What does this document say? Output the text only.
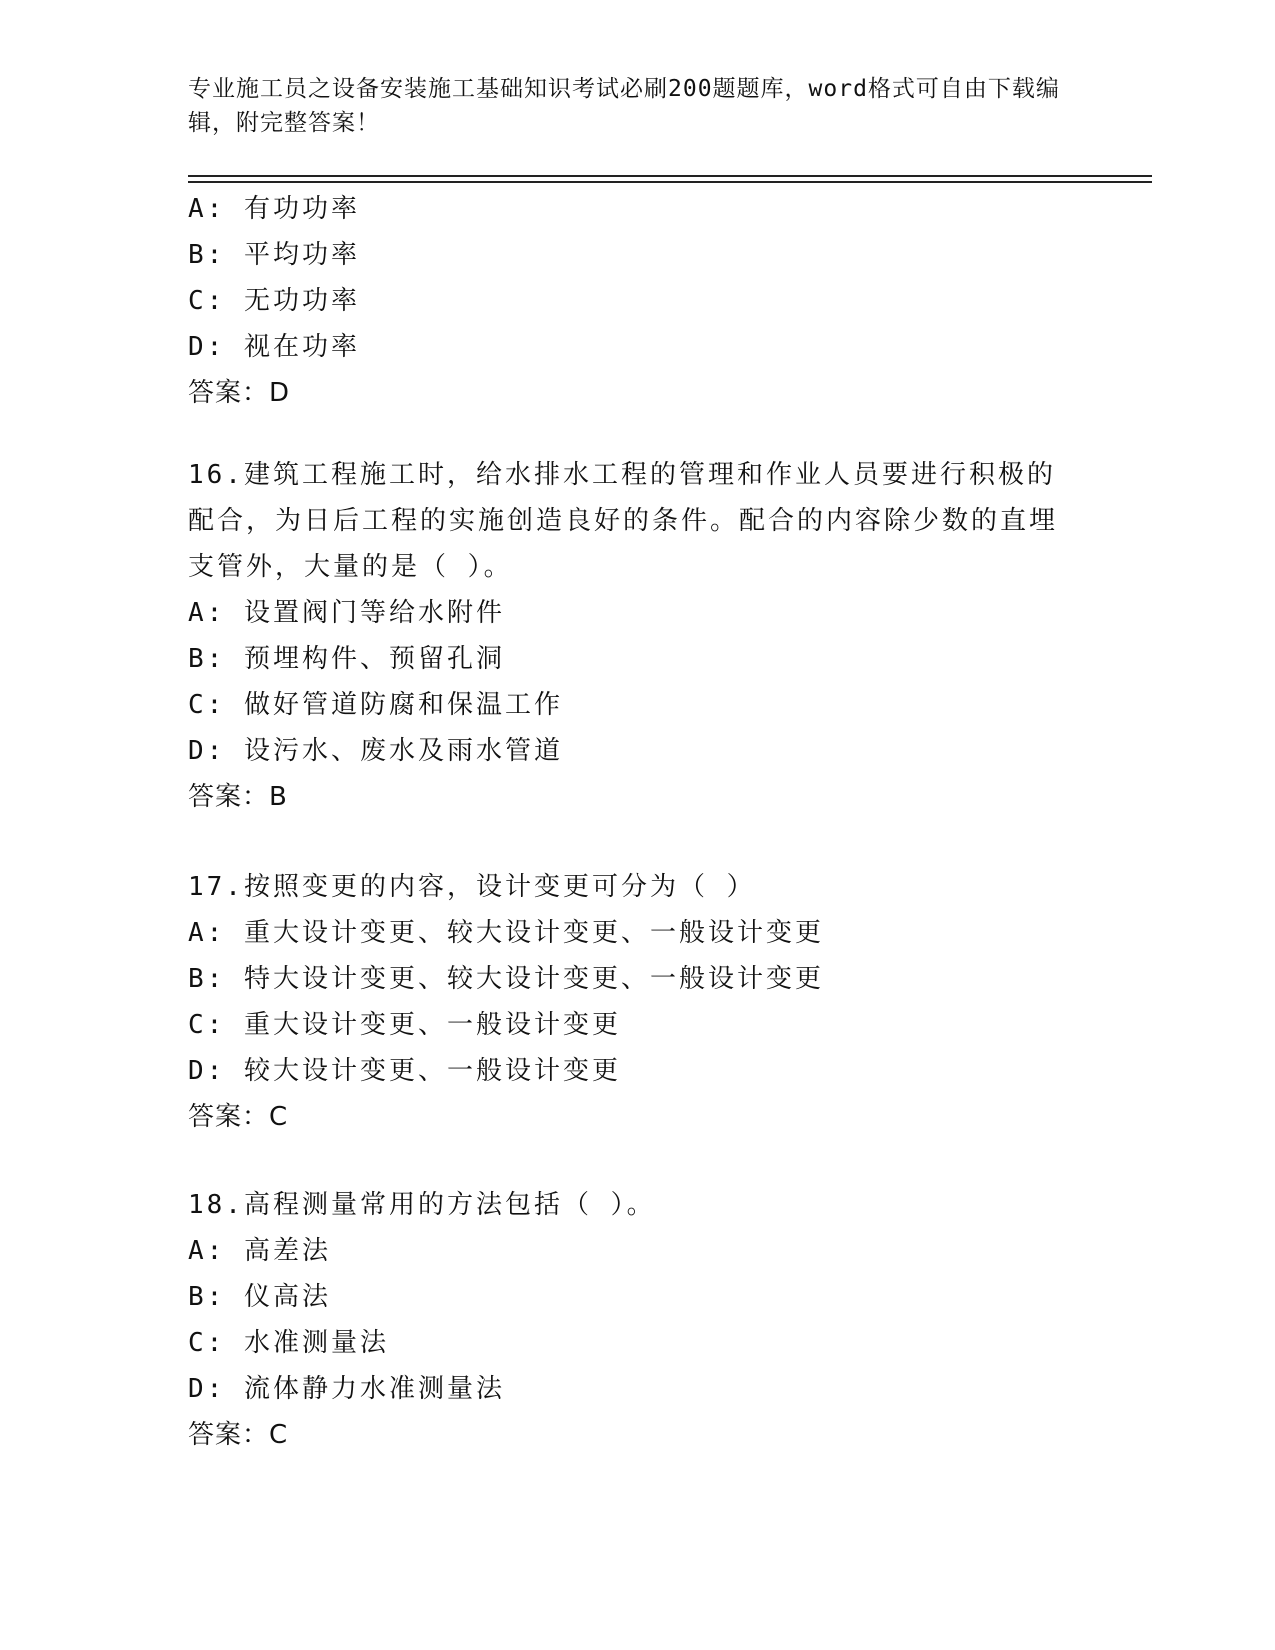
专业施工员之设备安装施工基础知识考试必刷200题题库，word格式可自由下载编辑，附完整答案！
A: 有功功率
B: 平均功率
C: 无功功率
D: 视在功率
答案：D
16.建筑工程施工时，给水排水工程的管理和作业人员要进行积极的配合，为日后工程的实施创造良好的条件。配合的内容除少数的直埋支管外，大量的是（ ）。
A: 设置阀门等给水附件
B: 预埋构件、预留孔洞
C: 做好管道防腐和保温工作
D: 设污水、废水及雨水管道
答案：B
17.按照变更的内容，设计变更可分为（ ）
A: 重大设计变更、较大设计变更、一般设计变更
B: 特大设计变更、较大设计变更、一般设计变更
C: 重大设计变更、一般设计变更
D: 较大设计变更、一般设计变更
答案：C
18.高程测量常用的方法包括（ ）。
A: 高差法
B: 仪高法
C: 水准测量法
D: 流体静力水准测量法
答案：C
